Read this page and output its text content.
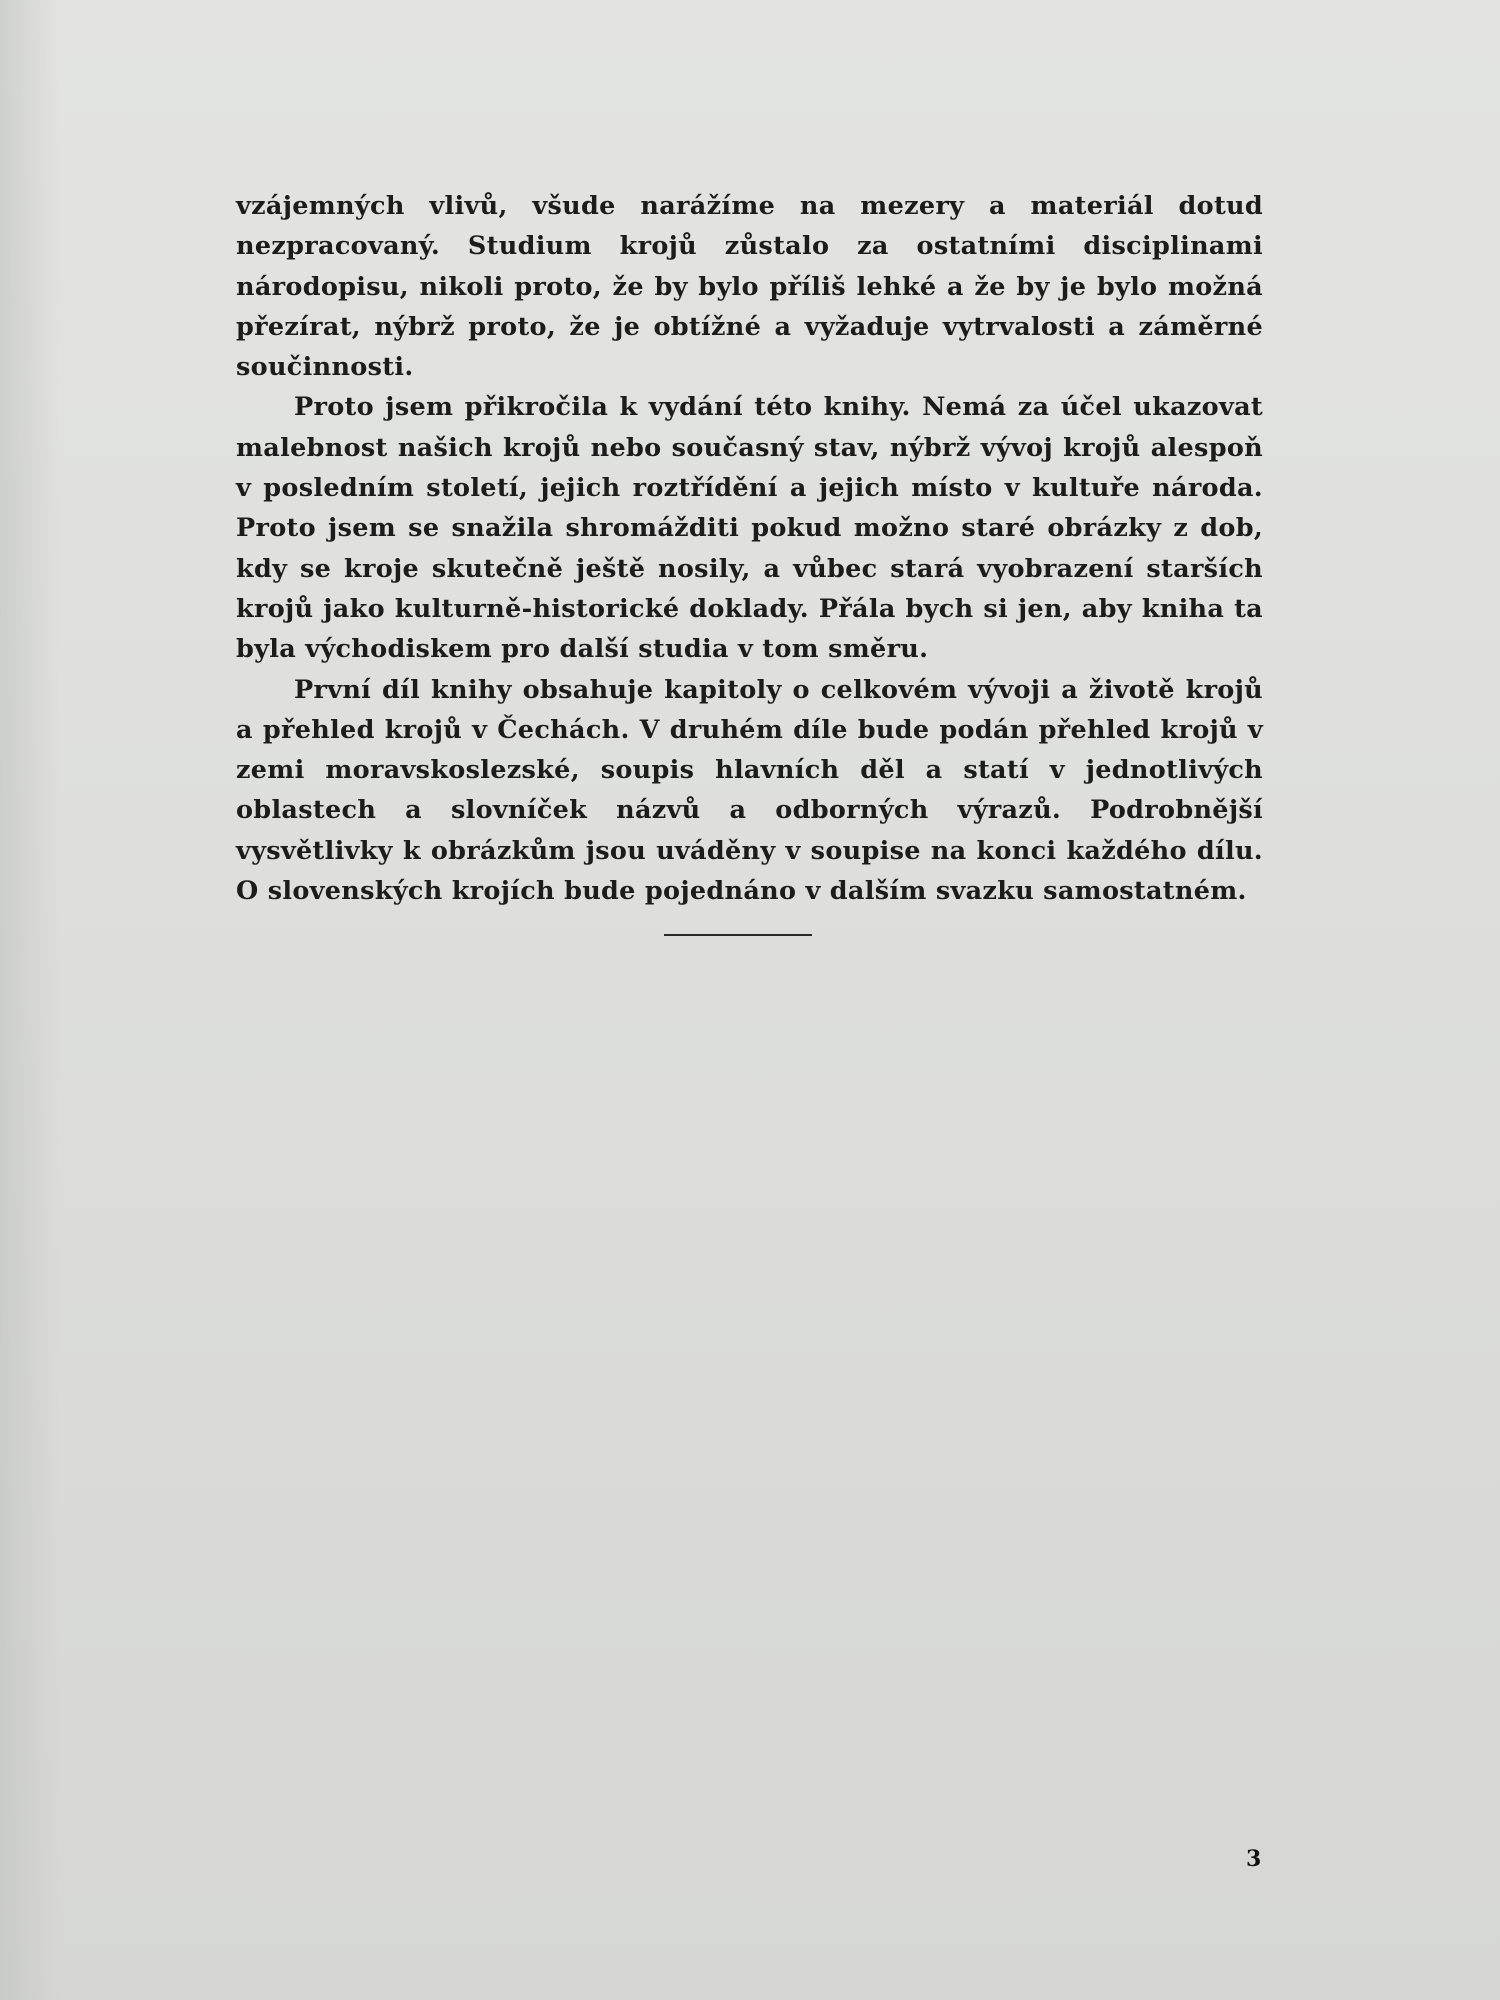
vzájemných vlivů, všude narážíme na mezery a materiál dotud nezpracovaný. Studium krojů zůstalo za ostatními disciplinami národopisu, nikoli proto, že by bylo příliš lehké a že by je bylo možná přezírat, nýbrž proto, že je obtížné a vyžaduje vytrvalosti a záměrné součinnosti.

Proto jsem přikročila k vydání této knihy. Nemá za účel ukazovat malebnost našich krojů nebo současný stav, nýbrž vývoj krojů alespoň v posledním století, jejich roztřídění a jejich místo v kultuře národa. Proto jsem se snažila shromážditi pokud možno staré obrázky z dob, kdy se kroje skutečně ještě nosily, a vůbec stará vyobrazení starších krojů jako kulturně-historické doklady. Přála bych si jen, aby kniha ta byla východiskem pro další studia v tom směru.

První díl knihy obsahuje kapitoly o celkovém vývoji a životě krojů a přehled krojů v Čechách. V druhém díle bude podán přehled krojů v zemi moravskoslezské, soupis hlavních děl a statí v jednotlivých oblastech a slovníček názvů a odborných výrazů. Podrobnější vysvětlivky k obrázkům jsou uváděny v soupise na konci každého dílu. O slovenských krojích bude pojednáno v dalším svazku samostatném.

3
